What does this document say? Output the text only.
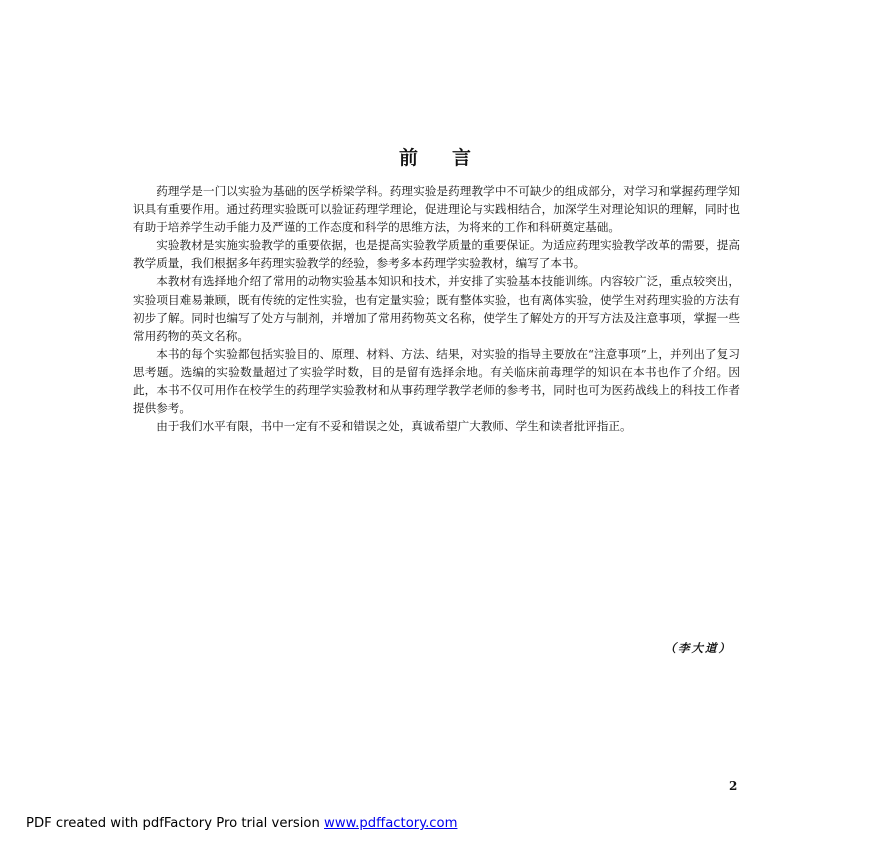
前言

药理学是一门以实验为基础的医学桥梁学科。药理实验是药理教学中不可缺少的组成部分，对学习和掌握药理学知识具有重要作用。通过药理实验既可以验证药理学理论，促进理论与实践相结合，加深学生对理论知识的理解，同时也有助于培养学生动手能力及严谨的工作态度和科学的思维方法，为将来的工作和科研奠定基础。

实验教材是实施实验教学的重要依据，也是提高实验教学质量的重要保证。为适应药理实验教学改革的需要，提高教学质量，我们根据多年药理实验教学的经验，参考多本药理学实验教材，编写了本书。

本教材有选择地介绍了常用的动物实验基本知识和技术，并安排了实验基本技能训练。内容较广泛，重点较突出，实验项目难易兼顾，既有传统的定性实验，也有定量实验；既有整体实验，也有离体实验，使学生对药理实验的方法有初步了解。同时也编写了处方与制剂，并增加了常用药物英文名称，使学生了解处方的开写方法及注意事项，掌握一些常用药物的英文名称。

本书的每个实验都包括实验目的、原理、材料、方法、结果，对实验的指导主要放在“注意事项”上，并列出了复习思考题。选编的实验数量超过了实验学时数，目的是留有选择余地。有关临床前毒理学的知识在本书也作了介绍。因此，本书不仅可用作在校学生的药理学实验教材和从事药理学教学老师的参考书，同时也可为医药战线上的科技工作者提供参考。

由于我们水平有限，书中一定有不妥和错误之处，真诚希望广大教师、学生和读者批评指正。

（李大道）
2
PDF created with pdfFactory Pro trial version www.pdffactory.com
